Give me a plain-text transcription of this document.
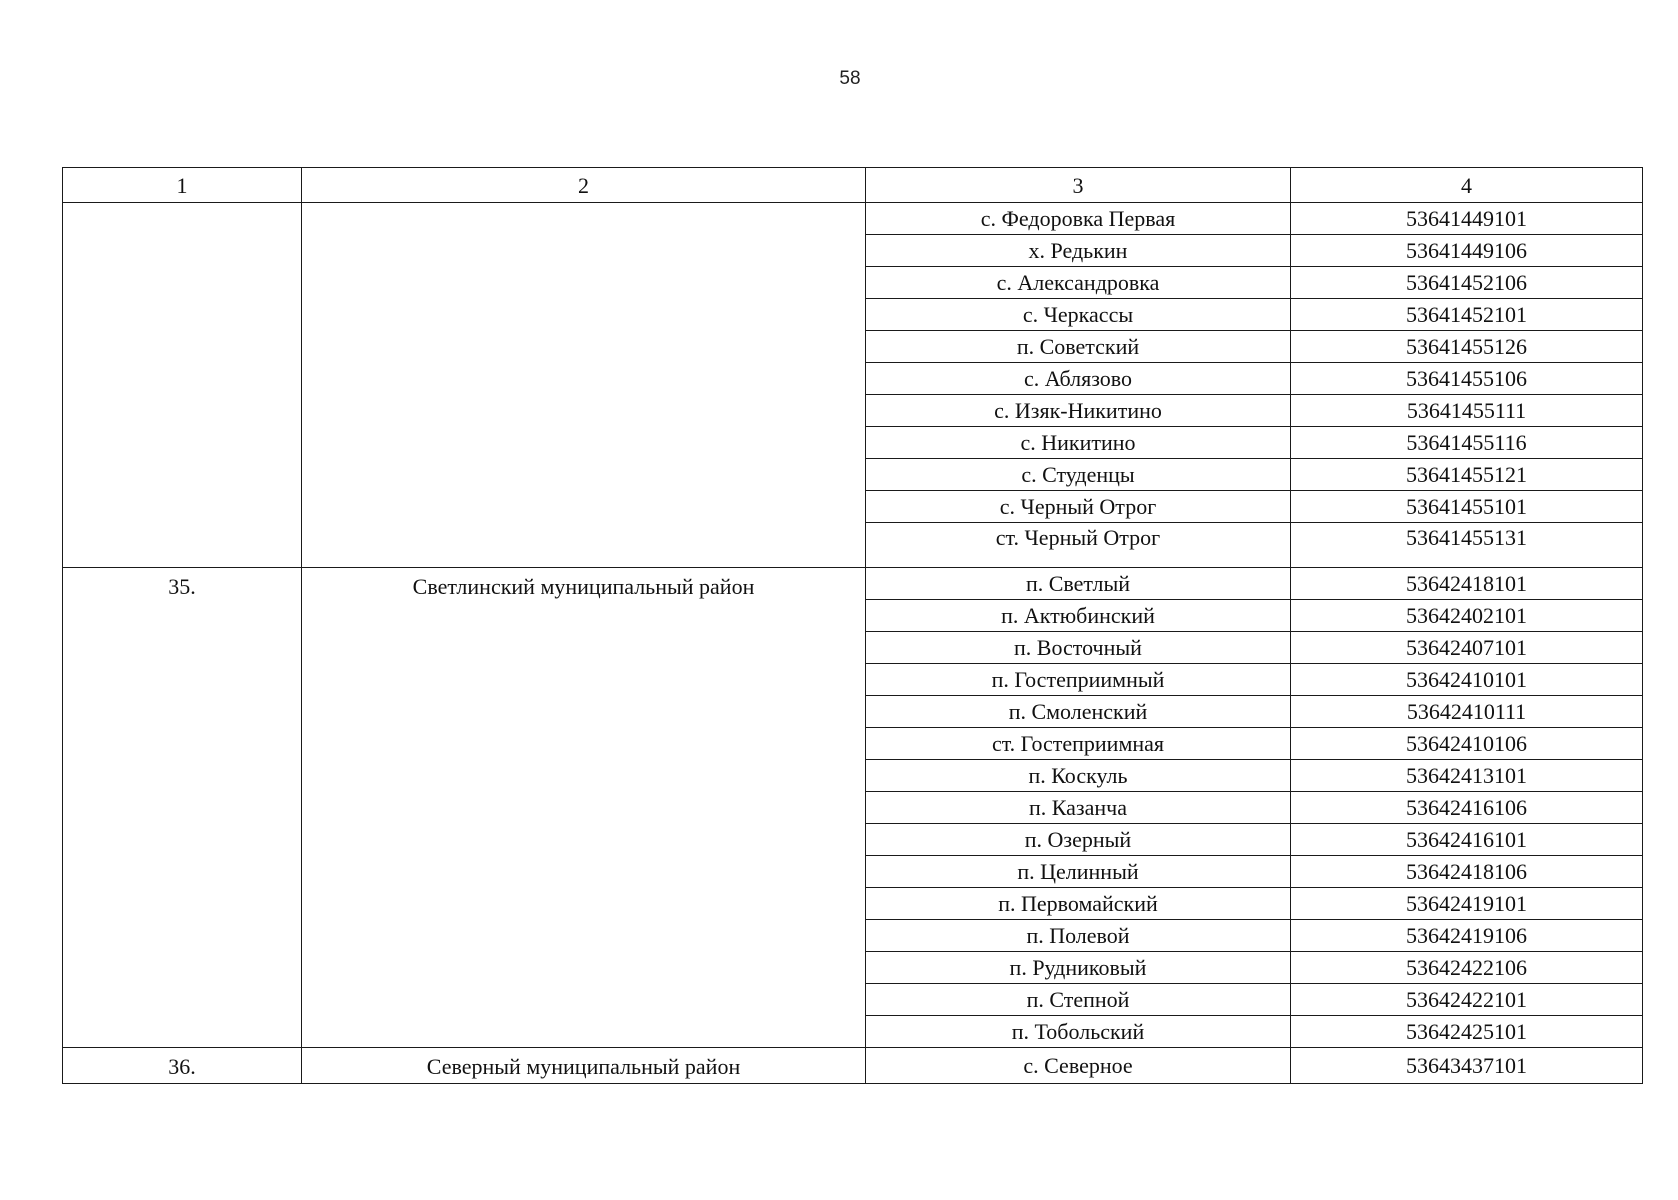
58
1	2	3	4
		с. Федоровка Первая	53641449101
		х. Редькин	53641449106
		с. Александровка	53641452106
		с. Черкассы	53641452101
		п. Советский	53641455126
		с. Аблязово	53641455106
		с. Изяк-Никитино	53641455111
		с. Никитино	53641455116
		с. Студенцы	53641455121
		с. Черный Отрог	53641455101
		ст. Черный Отрог	53641455131
35.	Светлинский муниципальный район	п. Светлый	53642418101
		п. Актюбинский	53642402101
		п. Восточный	53642407101
		п. Гостеприимный	53642410101
		п. Смоленский	53642410111
		ст. Гостеприимная	53642410106
		п. Коскуль	53642413101
		п. Казанча	53642416106
		п. Озерный	53642416101
		п. Целинный	53642418106
		п. Первомайский	53642419101
		п. Полевой	53642419106
		п. Рудниковый	53642422106
		п. Степной	53642422101
		п. Тобольский	53642425101
36.	Северный муниципальный район	с. Северное	53643437101
